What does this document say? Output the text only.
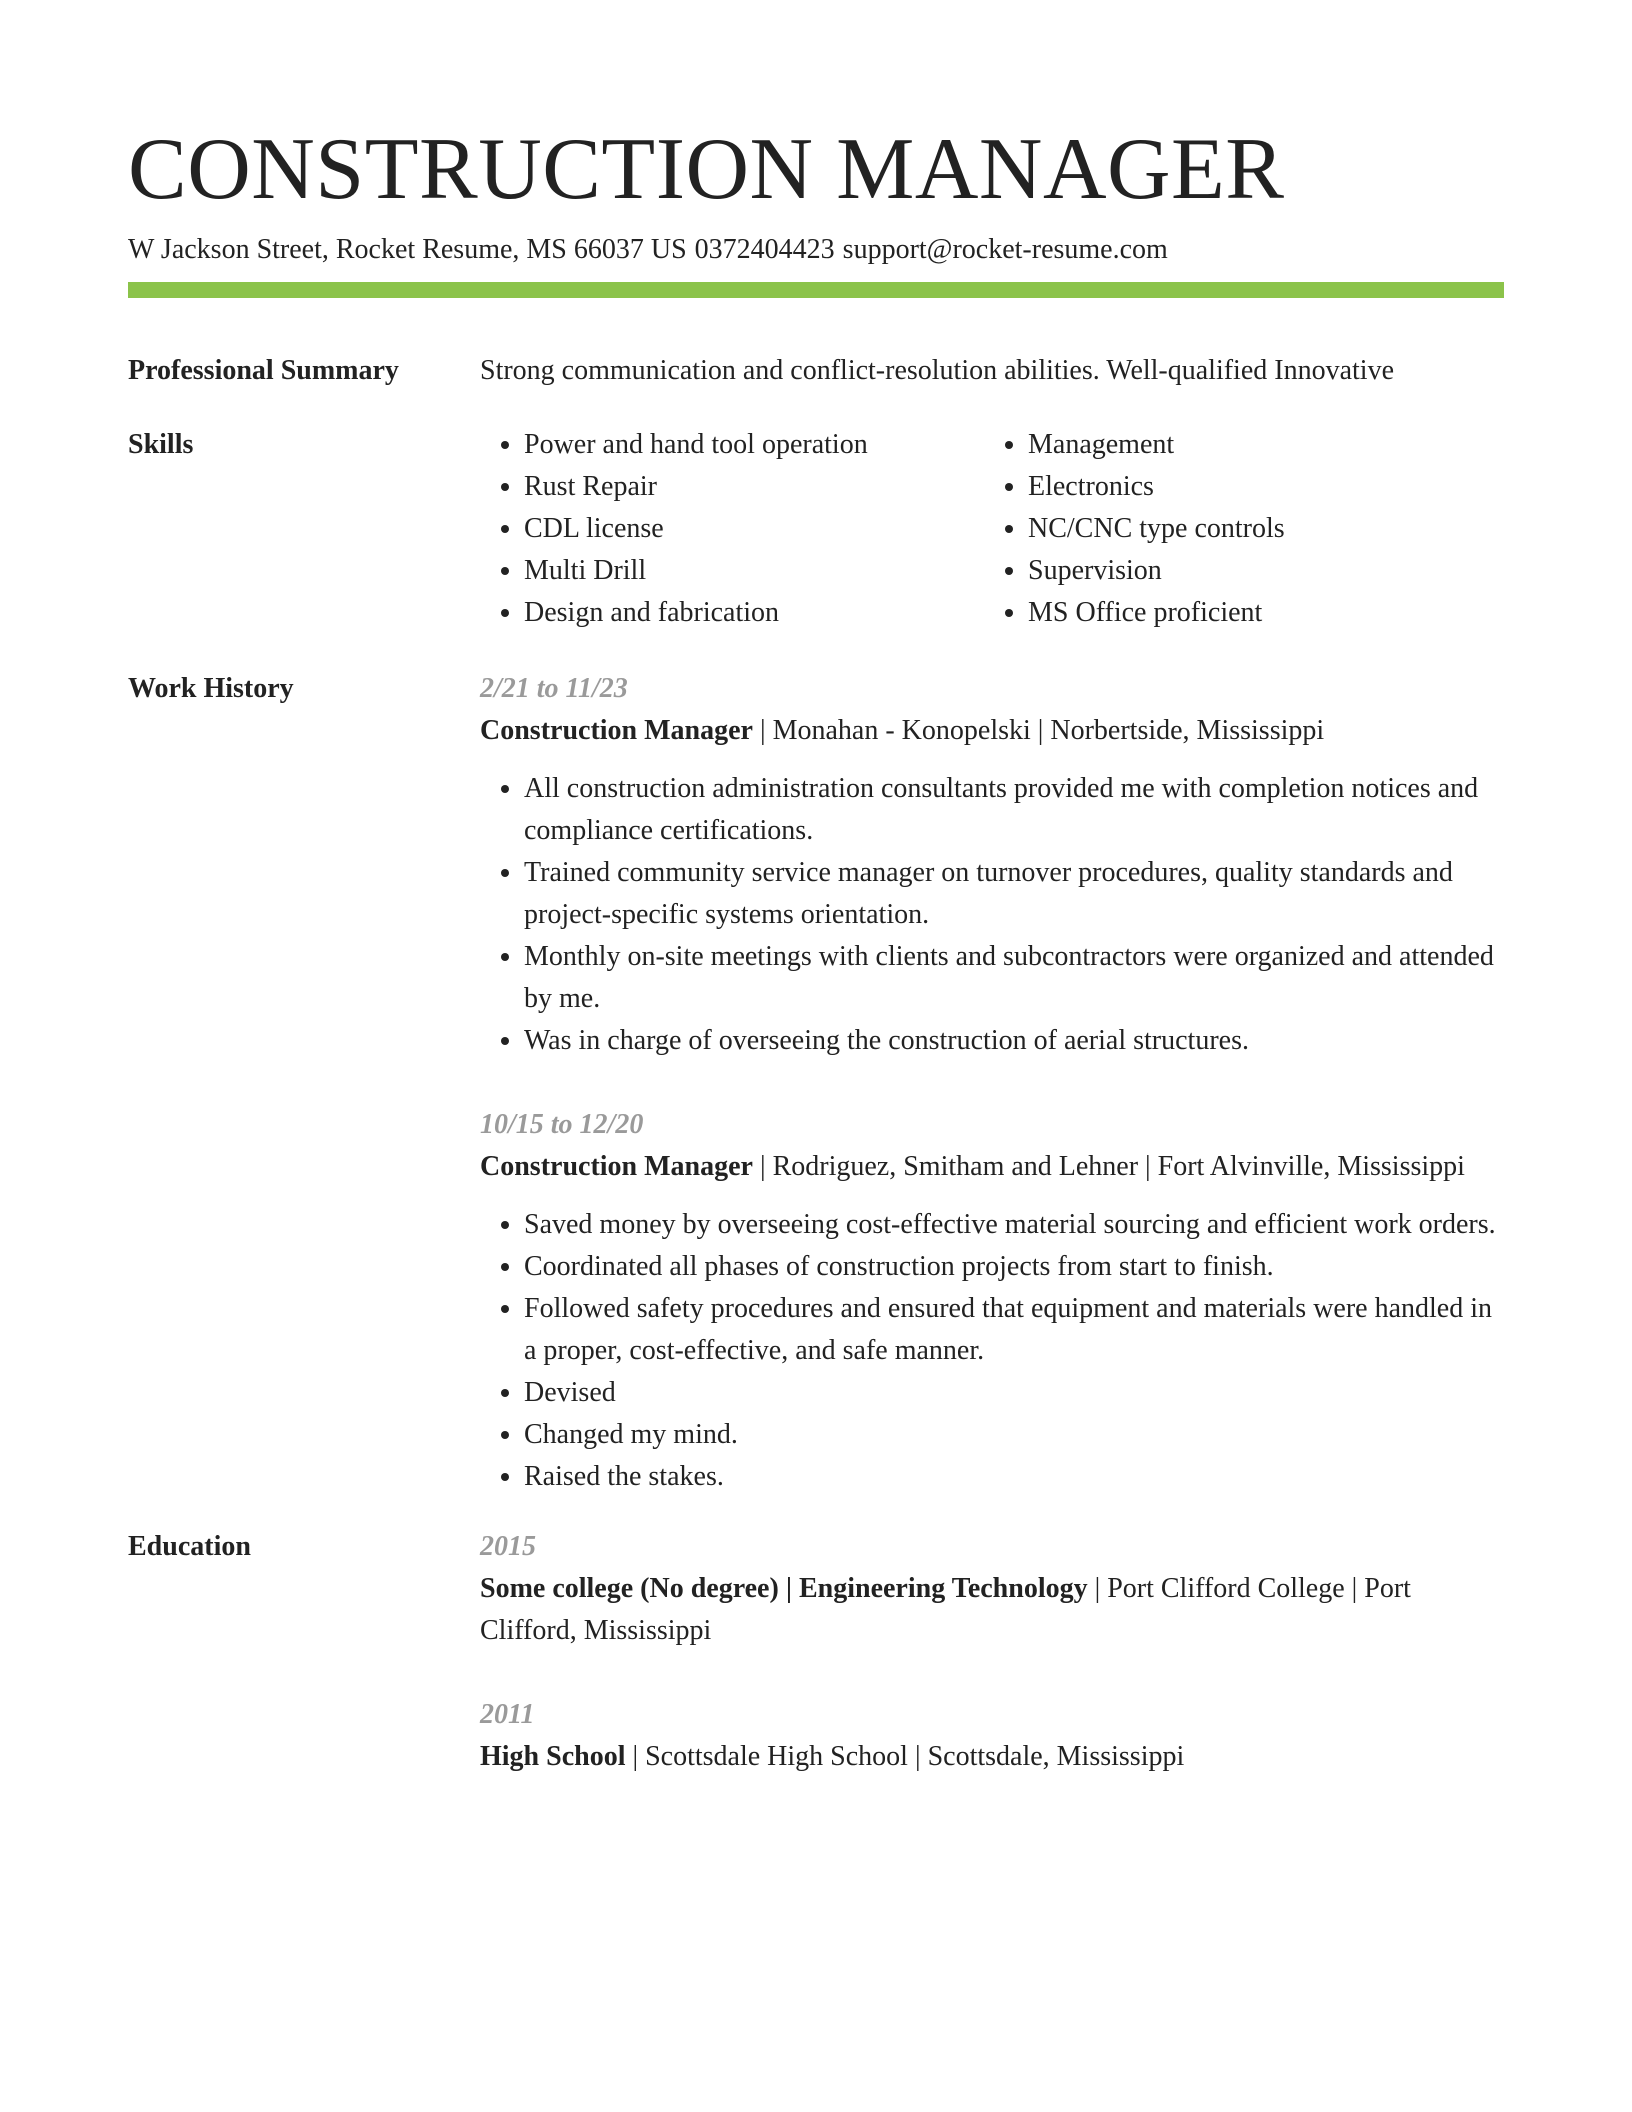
CONSTRUCTION MANAGER
W Jackson Street, Rocket Resume, MS 66037 US 0372404423 support@rocket-resume.com
Professional Summary	Strong communication and conflict-resolution abilities. Well-qualified Innovative
Skills
•	Power and hand tool operation
• Rust Repair
• CDL license
• Multi Drill
• Design and fabrication
• Management
• Electronics
• NC/CNC type controls
• Supervision
• MS Office proficient
Work History	2/21 to 11/23
Construction Manager | Monahan - Konopelski | Norbertside, Mississippi
• All construction administration consultants provided me with completion notices and compliance certifications.
• Trained community service manager on turnover procedures, quality standards and project-specific systems orientation.
• Monthly on-site meetings with clients and subcontractors were organized and attended by me.
• Was in charge of overseeing the construction of aerial structures.
10/15 to 12/20
Construction Manager | Rodriguez, Smitham and Lehner | Fort Alvinville, Mississippi
• Saved money by overseeing cost-effective material sourcing and efficient work orders.
• Coordinated all phases of construction projects from start to finish.
• Followed safety procedures and ensured that equipment and materials were handled in a proper, cost-effective, and safe manner.
• Devised
• Changed my mind.
• Raised the stakes.
Education	2015
Some college (No degree) | Engineering Technology | Port Clifford College | Port Clifford, Mississippi
2011
High School | Scottsdale High School | Scottsdale, Mississippi
